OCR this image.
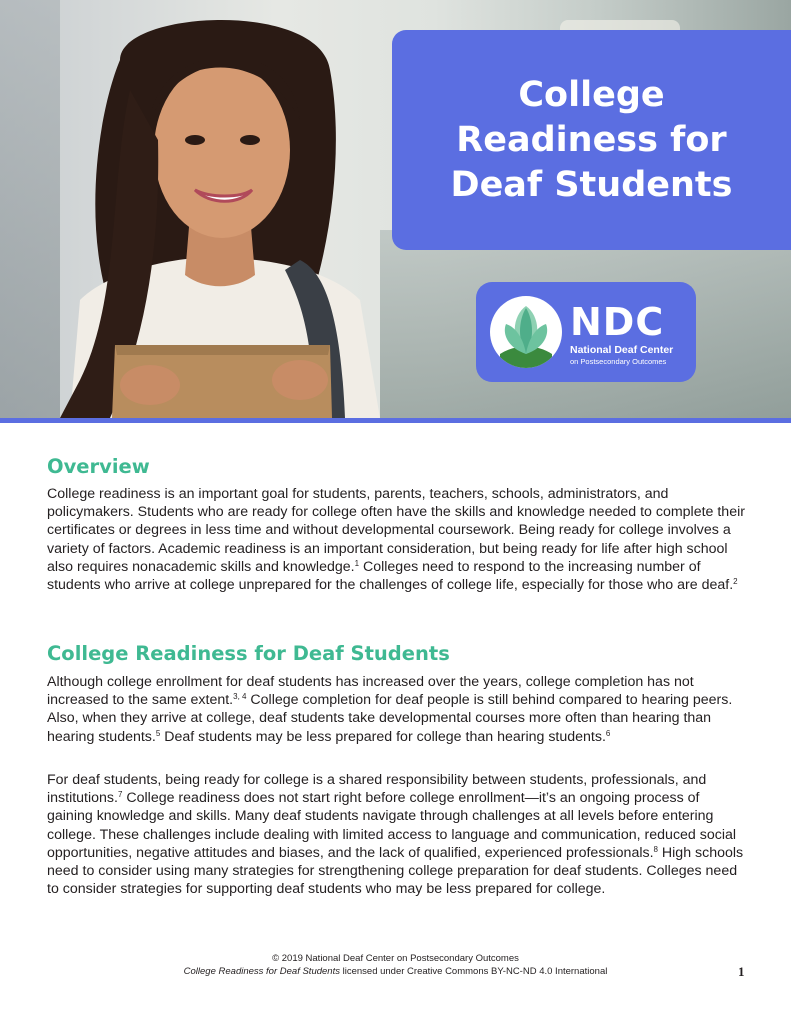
College Readiness for Deaf Students
NDC
National Deaf Center
on Postsecondary Outcomes
Overview

College readiness is an important goal for students, parents, teachers, schools, administrators, and policymakers. Students who are ready for college often have the skills and knowledge needed to complete their certificates or degrees in less time and without developmental coursework. Being ready for college involves a variety of factors. Academic readiness is an important consideration, but being ready for life after high school also requires nonacademic skills and knowledge.$^1$ Colleges need to respond to the increasing number of students who arrive at college unprepared for the challenges of college life, especially for those who are deaf.$^2$

College Readiness for Deaf Students

Although college enrollment for deaf students has increased over the years, college completion has not increased to the same extent.$^{3, 4}$ College completion for deaf people is still behind compared to hearing peers. Also, when they arrive at college, deaf students take developmental courses more often than hearing than hearing students.$^5$ Deaf students may be less prepared for college than hearing students.$^6$

For deaf students, being ready for college is a shared responsibility between students, professionals, and institutions.$^7$ College readiness does not start right before college enrollment—it’s an ongoing process of gaining knowledge and skills. Many deaf students navigate through challenges at all levels before entering college. These challenges include dealing with limited access to language and communication, reduced social opportunities, negative attitudes and biases, and the lack of qualified, experienced professionals.$^8$ High schools need to consider using many strategies for strengthening college preparation for deaf students. Colleges need to consider strategies for supporting deaf students who may be less prepared for college.

© 2019 National Deaf Center on Postsecondary Outcomes
College Readiness for Deaf Students licensed under Creative Commons BY-NC-ND 4.0 International	1
